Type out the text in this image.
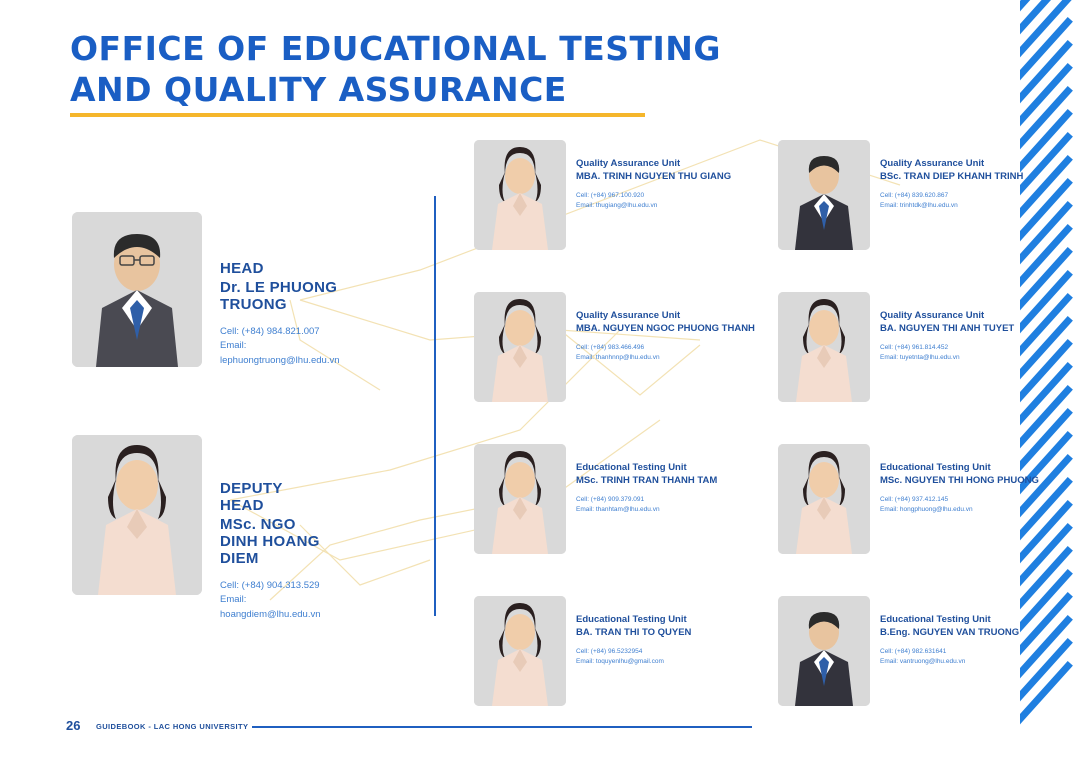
OFFICE OF EDUCATIONAL TESTING
AND QUALITY ASSURANCE
HEAD
Dr. LE PHUONG TRUONG
Cell: (+84) 984.821.007
Email: lephuongtruong@lhu.edu.vn
DEPUTY HEAD
MSc. NGO DINH HOANG DIEM
Cell: (+84) 904.313.529
Email: hoangdiem@lhu.edu.vn
Quality Assurance Unit
MBA. TRINH NGUYEN THU GIANG
Cell: (+84) 967.100.920
Email: thugiang@lhu.edu.vn
Quality Assurance Unit
BSc. TRAN DIEP KHANH TRINH
Cell: (+84) 839.620.867
Email: trinhtdk@lhu.edu.vn
Quality Assurance Unit
MBA. NGUYEN NGOC PHUONG THANH
Cell: (+84) 983.466.496
Email: thanhnnp@lhu.edu.vn
Quality Assurance Unit
BA. NGUYEN THI ANH TUYET
Cell: (+84) 961.814.452
Email: tuyetnta@lhu.edu.vn
Educational Testing Unit
MSc. TRINH TRAN THANH TAM
Cell: (+84) 909.379.091
Email: thanhtam@lhu.edu.vn
Educational Testing Unit
MSc. NGUYEN THI HONG PHUONG
Cell: (+84) 937.412.145
Email: hongphuong@lhu.edu.vn
Educational Testing Unit
BA. TRAN THI TO QUYEN
Cell: (+84) 96.5232954
Email: toquyenlhu@gmail.com
Educational Testing Unit
B.Eng. NGUYEN VAN TRUONG
Cell: (+84) 982.631641
Email: vantruong@lhu.edu.vn
26 GUIDEBOOK - LAC HONG UNIVERSITY
